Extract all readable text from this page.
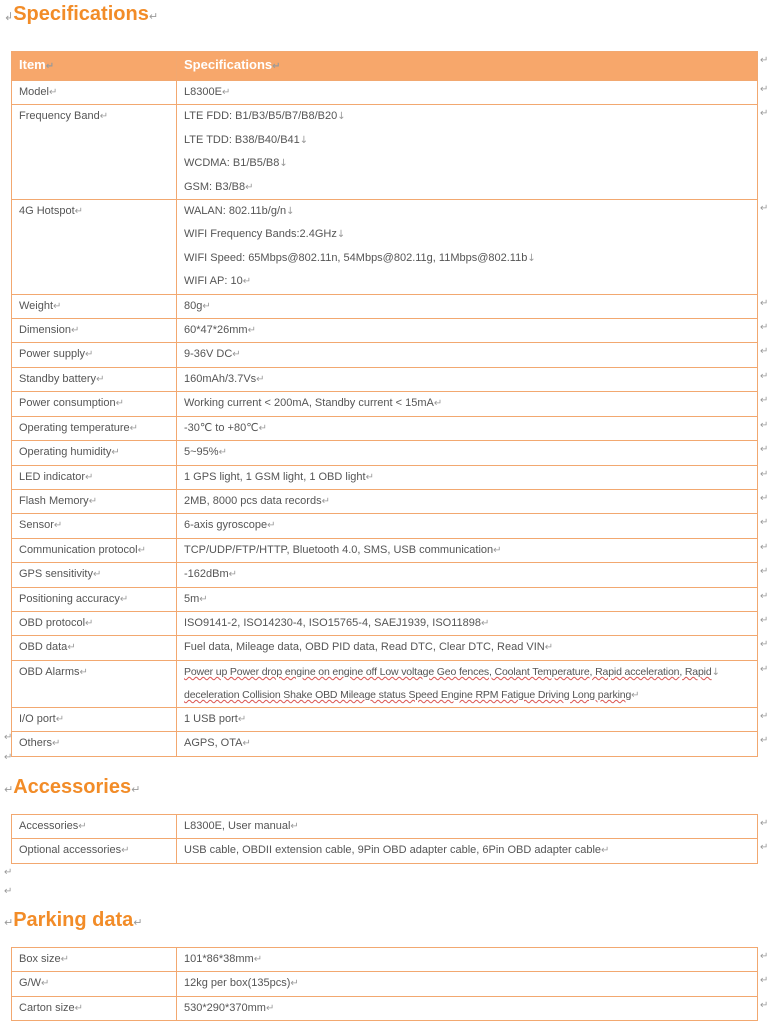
↲Specifications↵
Item↵	Specifications↵
Model↵	L8300E↵

Frequency Band↵	LTE FDD: B1/B3/B5/B7/B8/B20↓
LTE TDD: B38/B40/B41↓
WCDMA: B1/B5/B8↓
GSM: B3/B8↵

4G Hotspot↵	WALAN: 802.11b/g/n↓
WIFI Frequency Bands:2.4GHz↓
WIFI Speed: 65Mbps@802.11n, 54Mbps@802.11g, 11Mbps@802.11b↓
WIFI AP: 10↵

Weight↵	80g↵

Dimension↵	60*47*26mm↵

Power supply↵	9-36V DC↵

Standby battery↵	160mAh/3.7Vs↵

Power consumption↵	Working current < 200mA, Standby current < 15mA↵

Operating temperature↵	-30℃ to +80℃↵

Operating humidity↵	5~95%↵

LED indicator↵	1 GPS light, 1 GSM light, 1 OBD light↵

Flash Memory↵	2MB, 8000 pcs data records↵

Sensor↵	6-axis gyroscope↵

Communication protocol↵	TCP/UDP/FTP/HTTP, Bluetooth 4.0, SMS, USB communication↵

GPS sensitivity↵	-162dBm↵

Positioning accuracy↵	5m↵

OBD protocol↵	ISO9141-2, ISO14230-4, ISO15765-4, SAEJ1939, ISO11898↵

OBD data↵	Fuel data, Mileage data, OBD PID data, Read DTC, Clear DTC, Read VIN↵

OBD Alarms↵	Power up Power drop engine on engine off Low voltage Geo fences, Coolant Temperature, Rapid acceleration, Rapid↓
deceleration Collision Shake OBD Mileage status Speed Engine RPM Fatigue Driving Long parking↵

I/O port↵	1 USB port↵

Others↵	AGPS, OTA↵
↵
↵
↵Accessories↵
Accessories↵	L8300E, User manual↵

Optional accessories↵	USB cable, OBDII extension cable, 9Pin OBD adapter cable, 6Pin OBD adapter cable↵
↵
↵
↵Parking data↵
Box size↵	101*86*38mm↵

G/W↵	12kg per box(135pcs)↵

Carton size↵	530*290*370mm↵
↵
↵
↵
↵
↵
↵
↵
↵
↵
↵
↵
↵
↵
↵
↵
↵
↵
↵
↵
↵
↵
↵
↵
↵
↵
↵
↵
